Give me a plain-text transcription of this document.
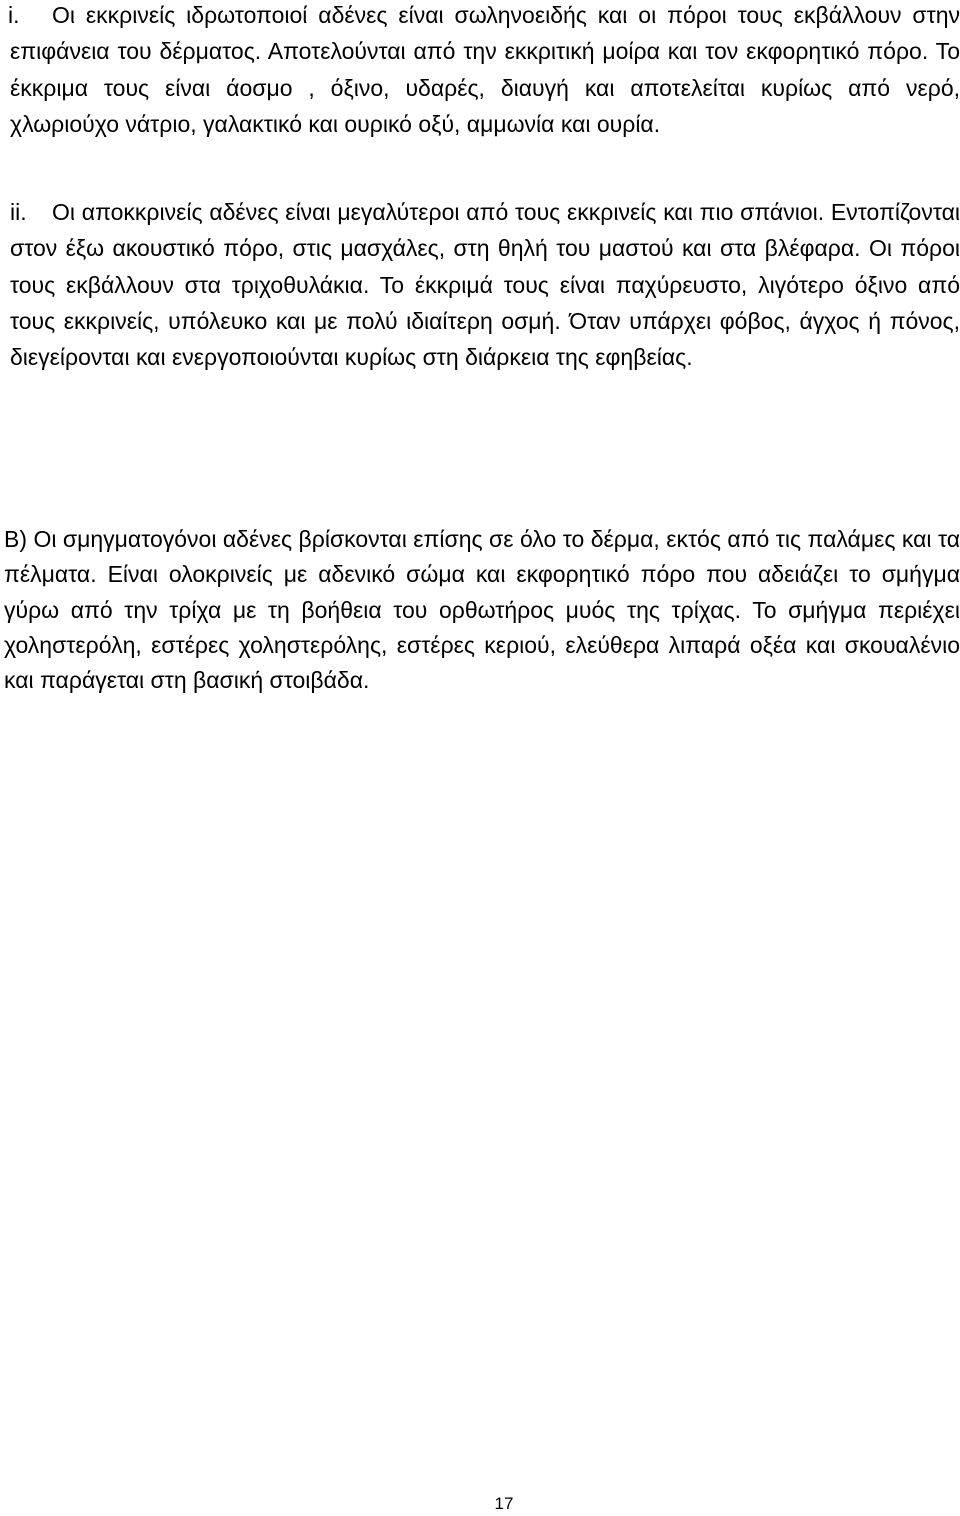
i. Οι εκκρινείς ιδρωτοποιοί αδένες είναι σωληνοειδής και οι πόροι τους εκβάλλουν στην επιφάνεια του δέρματος. Αποτελούνται από την εκκριτική μοίρα και τον εκφορητικό πόρο. Το έκκριμα τους είναι άοσμο , όξινο, υδαρές, διαυγή και αποτελείται κυρίως από νερό, χλωριούχο νάτριο, γαλακτικό και ουρικό οξύ, αμμωνία και ουρία.

ii. Οι αποκκρινείς αδένες είναι μεγαλύτεροι από τους εκκρινείς και πιο σπάνιοι. Εντοπίζονται στον έξω ακουστικό πόρο, στις μασχάλες, στη θηλή του μαστού και στα βλέφαρα. Οι πόροι τους εκβάλλουν στα τριχοθυλάκια. Το έκκριμά τους είναι παχύρευστο, λιγότερο όξινο από τους εκκρινείς, υπόλευκο και με πολύ ιδιαίτερη οσμή. Όταν υπάρχει φόβος, άγχος ή πόνος, διεγείρονται και ενεργοποιούνται κυρίως στη διάρκεια της εφηβείας.

Β) Οι σμηγματογόνοι αδένες βρίσκονται επίσης σε όλο το δέρμα, εκτός από τις παλάμες και τα πέλματα. Είναι ολοκρινείς με αδενικό σώμα και εκφορητικό πόρο που αδειάζει το σμήγμα γύρω από την τρίχα με τη βοήθεια του ορθωτήρος μυός της τρίχας. Το σμήγμα περιέχει χοληστερόλη, εστέρες χοληστερόλης, εστέρες κεριού, ελεύθερα λιπαρά οξέα και σκουαλένιο και παράγεται στη βασική στοιβάδα.

17
